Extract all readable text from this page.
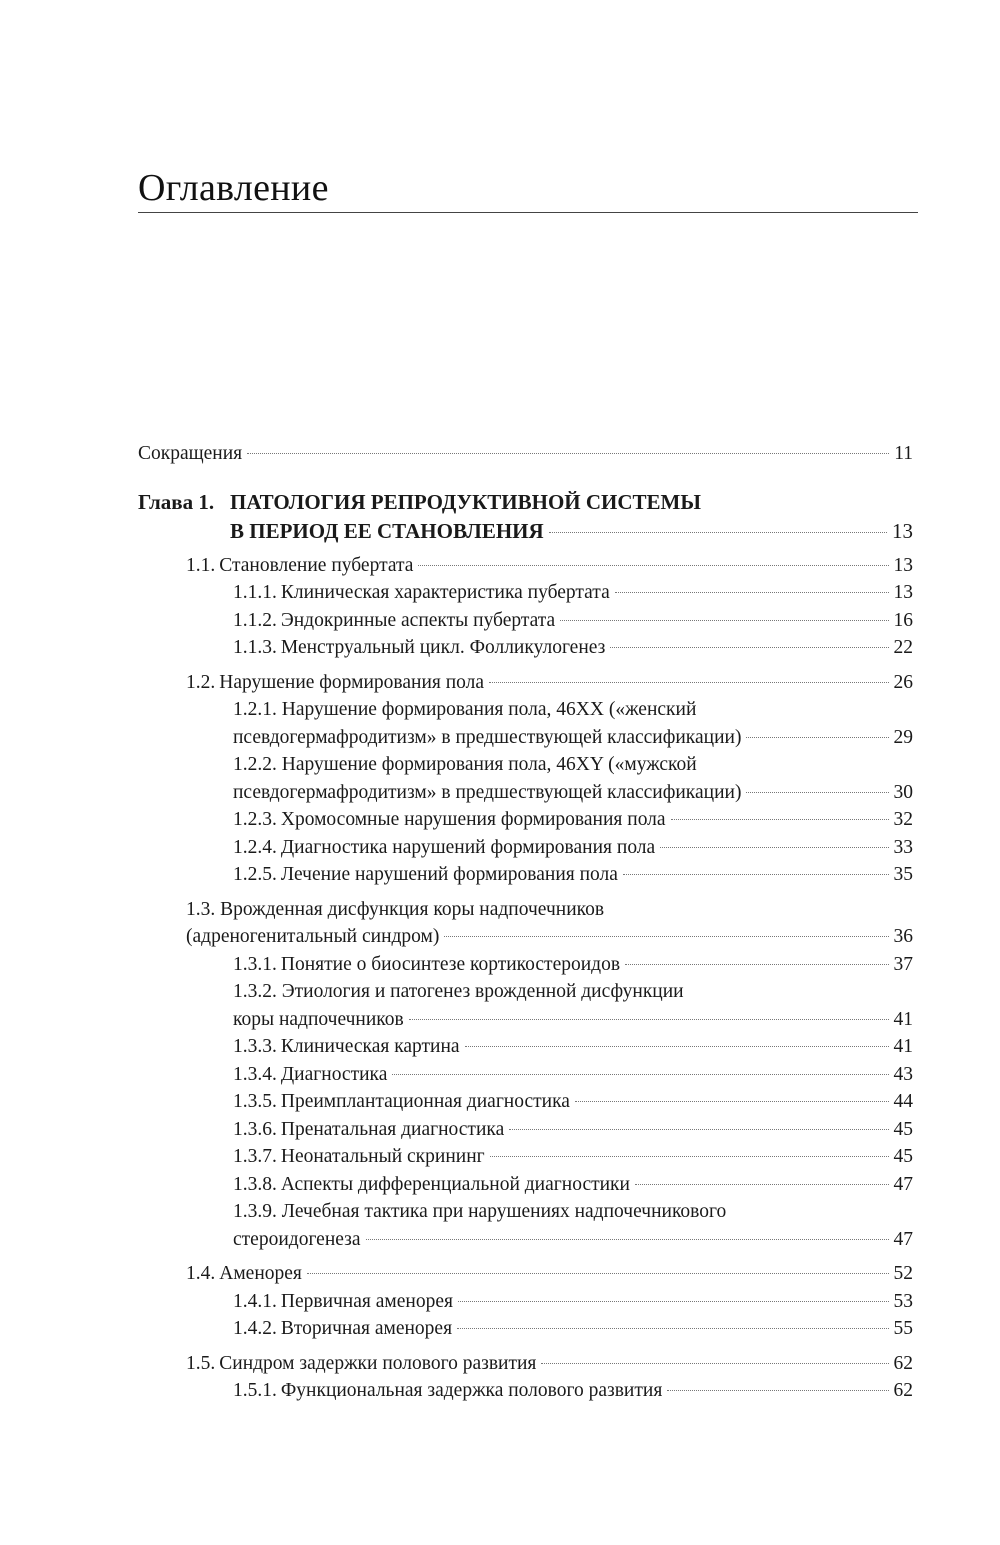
Оглавление
Сокращения	11
Глава 1. ПАТОЛОГИЯ РЕПРОДУКТИВНОЙ СИСТЕМЫ
В ПЕРИОД ЕЕ СТАНОВЛЕНИЯ	13
1.1. Становление пубертата	13
1.1.1. Клиническая характеристика пубертата	13
1.1.2. Эндокринные аспекты пубертата	16
1.1.3. Менструальный цикл. Фолликулогенез	22
1.2. Нарушение формирования пола	26
1.2.1. Нарушение формирования пола, 46XX («женский
псевдогермафродитизм» в предшествующей классификации)	29
1.2.2. Нарушение формирования пола, 46XY («мужской
псевдогермафродитизм» в предшествующей классификации)	30
1.2.3. Хромосомные нарушения формирования пола	32
1.2.4. Диагностика нарушений формирования пола	33
1.2.5. Лечение нарушений формирования пола	35
1.3. Врожденная дисфункция коры надпочечников
(адреногенитальный синдром)	36
1.3.1. Понятие о биосинтезе кортикостероидов	37
1.3.2. Этиология и патогенез врожденной дисфункции
коры надпочечников	41
1.3.3. Клиническая картина	41
1.3.4. Диагностика	43
1.3.5. Преимплантационная диагностика	44
1.3.6. Пренатальная диагностика	45
1.3.7. Неонатальный скрининг	45
1.3.8. Аспекты дифференциальной диагностики	47
1.3.9. Лечебная тактика при нарушениях надпочечникового
стероидогенеза	47
1.4. Аменорея	52
1.4.1. Первичная аменорея	53
1.4.2. Вторичная аменорея	55
1.5. Синдром задержки полового развития	62
1.5.1. Функциональная задержка полового развития	62
